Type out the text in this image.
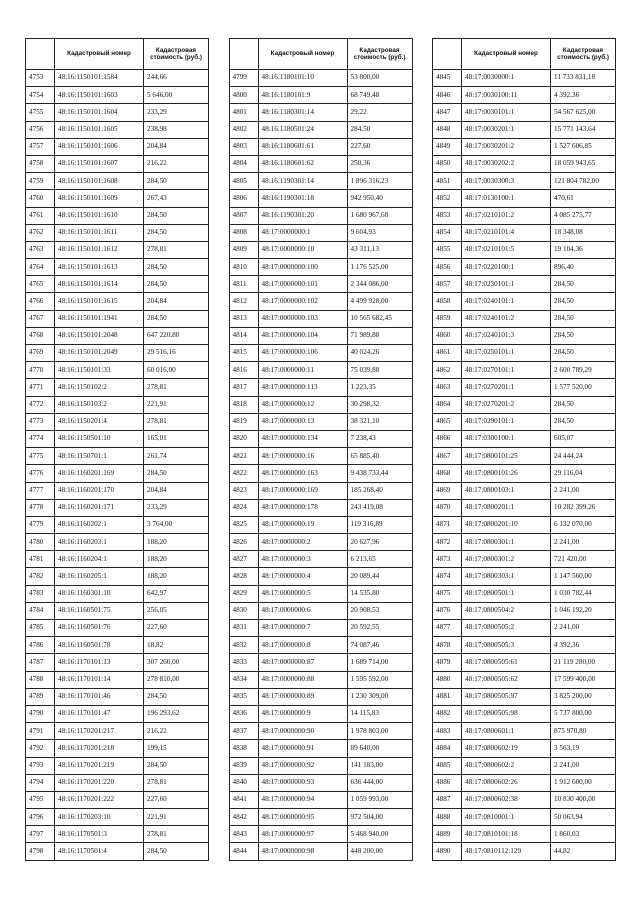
	Кадастровый номер	Кадастровая стоимость (руб.)
4753	48:16:1150101:1584	244,66
4754	48:16:1150101:1603	5 646,00
4755	48:16:1150101:1604	233,29
4756	48:16:1150101:1605	238,98
4757	48:16:1150101:1606	204,84
4758	48:16:1150101:1607	216,22
4759	48:16:1150101:1608	284,50
4760	48:16:1150101:1609	267,43
4761	48:16:1150101:1610	284,50
4762	48:16:1150101:1611	284,50
4763	48:16:1150101:1612	278,81
4764	48:16:1150101:1613	284,50
4765	48:16:1150101:1614	284,50
4766	48:16:1150101:1615	204,84
4767	48:16:1150101:1941	284,50
4768	48:16:1150101:2048	647 220,80
4769	48:16:1150101:2049	29 516,16
4770	48:16:1150101:33	60 016,00
4771	48:16:1150102:2	278,81
4772	48:16:1150103:2	221,91
4773	48:16:1150201:4	278,81
4774	48:16:1150501:10	165,01
4775	48:16:1150701:1	261,74
4776	48:16:1160201:169	284,50
4777	48:16:1160201:170	204,84
4778	48:16:1160201:171	233,29
4779	48:16:1160202:1	3 764,00
4780	48:16:1160203:1	188,20
4781	48:16:1160204:1	188,20
4782	48:16:1160205:1	188,20
4783	48:16:1160301:10	642,97
4784	48:16:1160501:75	256,05
4785	48:16:1160501:76	227,60
4786	48:16:1160501:78	18,82
4787	48:16:1170101:13	307 260,00
4788	48:16:1170101:14	278 810,00
4789	48:16:1170101:46	284,50
4790	48:16:1170101:47	196 293,62
4791	48:16:1170201:217	216,22
4792	48:16:1170201:218	199,15
4793	48:16:1170201:219	284,50
4794	48:16:1170201:220	278,81
4795	48:16:1170201:222	227,60
4796	48:16:1170203:10	221,91
4797	48:16:1170501:3	278,81
4798	48:16:1170501:4	284,50
	Кадастровый номер	Кадастровая стоимость (руб.)
4799	48:16:1180101:10	53 800,00
4800	48:16:1180101:9	68 749,48
4801	48:16:1180301:14	29,22
4802	48:16:1180501:24	284,50
4803	48:16:1180601:61	227,60
4804	48:16:1180601:62	250,36
4805	48:16:1190301:14	1 896 316,23
4806	48:16:1190301:18	942 950,40
4807	48:16:1190301:20	1 680 967,68
4808	48:17:0000000:1	9 604,93
4809	48:17:0000000:10	43 311,13
4810	48:17:0000000:100	1 176 525,00
4811	48:17:0000000:101	2 344 086,00
4812	48:17:0000000:102	4 499 928,00
4813	48:17:0000000:103	10 565 682,45
4814	48:17:0000000:104	71 989,88
4815	48:17:0000000:106	40 024,26
4816	48:17:0000000:11	75 039,88
4817	48:17:0000000:113	1 223,35
4818	48:17:0000000:12	30 298,32
4819	48:17:0000000:13	38 321,10
4820	48:17:0000000:134	7 238,43
4821	48:17:0000000:16	65 885,40
4822	48:17:0000000:163	9 438 733,44
4823	48:17:0000000:169	185 268,40
4824	48:17:0000000:178	243 419,08
4825	48:17:0000000:19	119 316,89
4826	48:17:0000000:2	20 627,96
4827	48:17:0000000:3	6 213,65
4828	48:17:0000000:4	20 089,44
4829	48:17:0000000:5	14 535,80
4830	48:17:0000000:6	20 908,53
4831	48:17:0000000:7	20 592,55
4832	48:17:0000000:8	74 087,46
4833	48:17:0000000:87	1 689 714,00
4834	48:17:0000000:88	1 595 592,00
4835	48:17:0000000:89	1 230 309,00
4836	48:17:0000000:9	14 115,83
4837	48:17:0000000:90	1 978 803,00
4838	48:17:0000000:91	89 640,00
4839	48:17:0000000:92	141 183,00
4840	48:17:0000000:93	636 444,00
4841	48:17:0000000:94	1 059 993,00
4842	48:17:0000000:95	972 504,00
4843	48:17:0000000:97	5 468 940,00
4844	48:17:0000000:98	448 200,00
	Кадастровый номер	Кадастровая стоимость (руб.)
4845	48:17:0030000:1	11 733 831,18
4846	48:17:0030100:11	4 392,36
4847	48:17:0030101:1	54 567 625,00
4848	48:17:0030201:1	15 771 143,64
4849	48:17:0030201:2	1 527 606,85
4850	48:17:0030202:2	18 059 943,65
4851	48:17:0030300:3	121 804 782,00
4852	48:17:0130100:1	470,61
4853	48:17:0210101:2	4 085 275,77
4854	48:17:0210101:4	18 348,08
4855	48:17:0210101:5	19 104,36
4856	48:17:0220100:1	896,40
4857	48:17:0230101:1	284,50
4858	48:17:0240101:1	284,50
4859	48:17:0240101:2	284,50
4860	48:17:0240101:3	284,50
4861	48:17:0250101:1	284,50
4862	48:17:0270101:1	2 600 789,29
4863	48:17:0270201:1	1 577 520,00
4864	48:17:0270201:2	284,50
4865	48:17:0290101:1	284,50
4866	48:17:0300100:1	605,07
4867	48:17:0800101:25	24 444,24
4868	48:17:0800101:26	29 116,04
4869	48:17:0800103:1	2 241,00
4870	48:17:0800201:1	10 282 399,26
4871	48:17:0800201:10	6 132 070,00
4872	48:17:0800301:1	2 241,00
4873	48:17:0800301:2	721 420,00
4874	48:17:0800303:1	1 147 560,00
4875	48:17:0800501:1	1 030 782,44
4876	48:17:0800504:2	1 046 192,20
4877	48:17:0800505:2	2 241,00
4878	48:17:0800505:3	4 392,36
4879	48:17:0800505:61	21 119 280,00
4880	48:17:0800505:62	17 599 400,00
4881	48:17:0800505:97	3 825 200,00
4882	48:17:0800505:98	5 737 800,00
4883	48:17:0800601:1	875 970,80
4884	48:17:0800602:19	3 563,19
4885	48:17:0800602:2	2 241,00
4886	48:17:0800602:26	1 912 600,00
4887	48:17:0800602:38	10 830 400,00
4888	48:17:0810001:1	50 063,94
4889	48:17:0810101:18	1 860,03
4890	48:17:0810112:129	44,82
